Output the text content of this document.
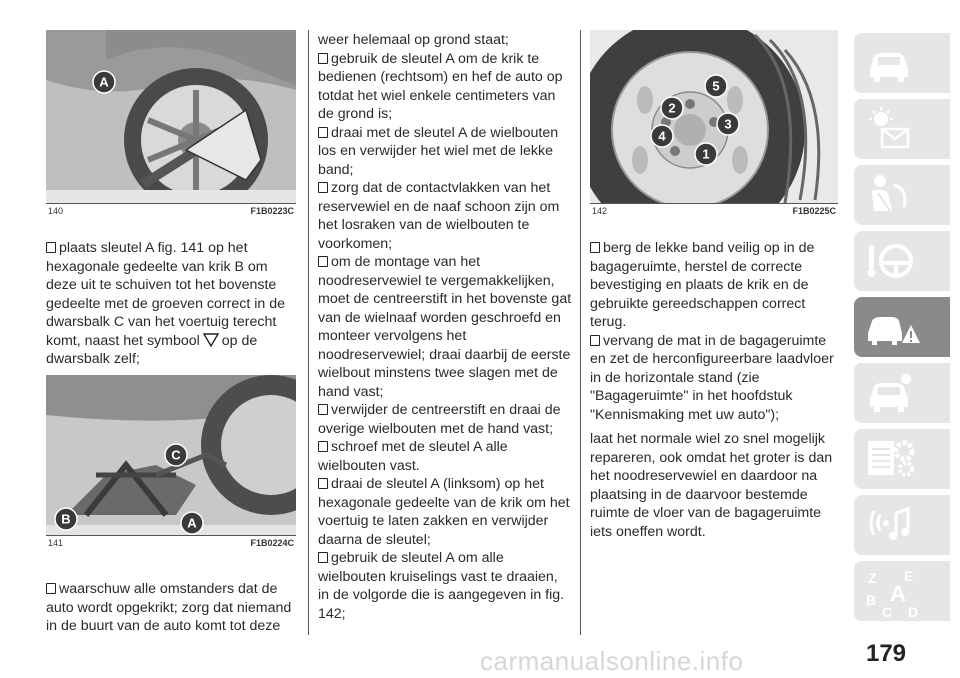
A
140	F1B0223C
C
B	A
141	F1B0224C

plaats sleutel A fig. 141 op het hexagonale gedeelte van krik B om deze uit te schuiven tot het bovenste gedeelte met de groeven correct in de dwarsbalk C van het voertuig terecht komt, naast het symbool op de dwarsbalk zelf;

waarschuw alle omstanders dat de auto wordt opgekrikt; zorg dat niemand in de buurt van de auto komt tot deze

weer helemaal op grond staat;

gebruik de sleutel A om de krik te bedienen (rechtsom) en hef de auto op totdat het wiel enkele centimeters van de grond is;

draai met de sleutel A de wielbouten los en verwijder het wiel met de lekke band;

zorg dat de contactvlakken van het reservewiel en de naaf schoon zijn om het losraken van de wielbouten te voorkomen;

om de montage van het noodreservewiel te vergemakkelijken, moet de centreerstift in het bovenste gat van de wielnaaf worden geschroefd en monteer vervolgens het noodreservewiel; draai daarbij de eerste wielbout minstens twee slagen met de hand vast;

verwijder de centreerstift en draai de overige wielbouten met de hand vast;

schroef met de sleutel A alle wielbouten vast.

draai de sleutel A (linksom) op het hexagonale gedeelte van de krik om het voertuig te laten zakken en verwijder daarna de sleutel;

gebruik de sleutel A om alle wielbouten kruiselings vast te draaien, in de volgorde die is aangegeven in fig. 142;

2
5
3
4
1
142	F1B0225C

berg de lekke band veilig op in de bagageruimte, herstel de correcte bevestiging en plaats de krik en de gebruikte gereedschappen correct terug.

vervang de mat in de bagageruimte en zet de herconfigureerbare laadvloer in de horizontale stand (zie "Bagageruimte" in het hoofdstuk "Kennismaking met uw auto");

laat het normale wiel zo snel mogelijk repareren, ook omdat het groter is dan het noodreservewiel en daardoor na plaatsing in de daarvoor bestemde ruimte de vloer van de bagageruimte iets oneffen wordt.

Z E
B A
C D
179
carmanualsonline.info
